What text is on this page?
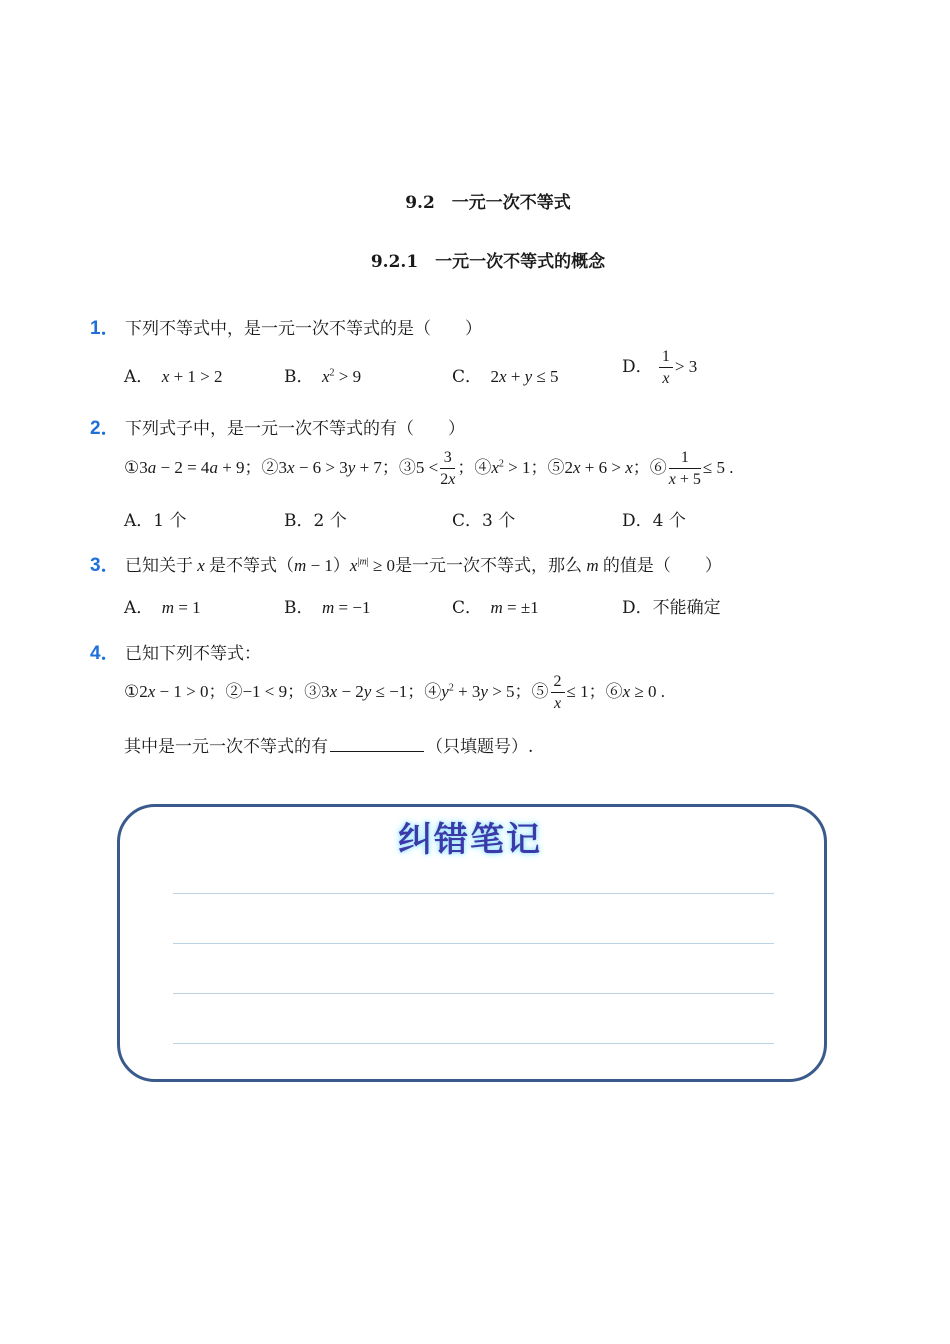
9.2　一元一次不等式
9.2.1　一元一次不等式的概念
1． 下列不等式中，是一元一次不等式的是（　　）
A． x + 1 > 2	B． $x^2 > 9$	C．  2x + y ≤ 5	D． $\frac{1}{x} > 3$
2． 下列式子中，是一元一次不等式的有（　　）
①3a − 2 = 4a + 9；②3x − 6 > 3y + 7；③5 < $\frac{3}{2x}$ ；$④x^2 > 1$；⑤2x + 6 > x；⑥ $\frac{1}{x + 5} \le 5$ .
A．1 个	B．2 个	C．3 个	D．4 个
3． 已知关于 x 是不等式$(m - 1)x^{|m|} \ge 0$是一元一次不等式，那么 m 的值是（　　）
A． m = 1	B． m = −1	C． m = ±1	D．不能确定
4． 已知下列不等式：
①2x − 1 > 0；②−1 < 9；③3x − 2y ≤ −1；$④y^2 + 3y > 5$；⑤ $\frac{2}{x} \le 1$；⑥x ≥ 0 .
其中是一元一次不等式的有	（只填题号）.
纠错笔记
